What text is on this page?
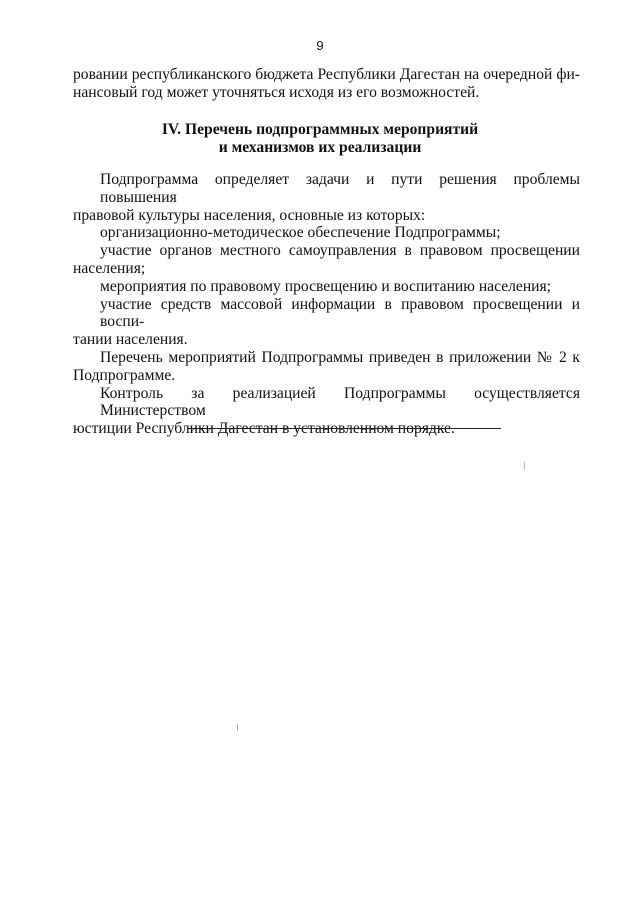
9
ровании республиканского бюджета Республики Дагестан на очередной фи-
нансовый год может уточняться исходя из его возможностей.
IV. Перечень подпрограммных мероприятий
и механизмов их реализации
Подпрограмма определяет задачи и пути решения проблемы повышения
правовой культуры населения, основные из которых:
организационно-методическое обеспечение Подпрограммы;
участие органов местного самоуправления в правовом просвещении
населения;
мероприятия по правовому просвещению и воспитанию населения;
участие средств массовой информации в правовом просвещении и воспи-
тании населения.
Перечень мероприятий Подпрограммы приведен в приложении № 2 к
Подпрограмме.
Контроль за реализацией Подпрограммы осуществляется Министерством
юстиции Республики Дагестан в установленном порядке.
